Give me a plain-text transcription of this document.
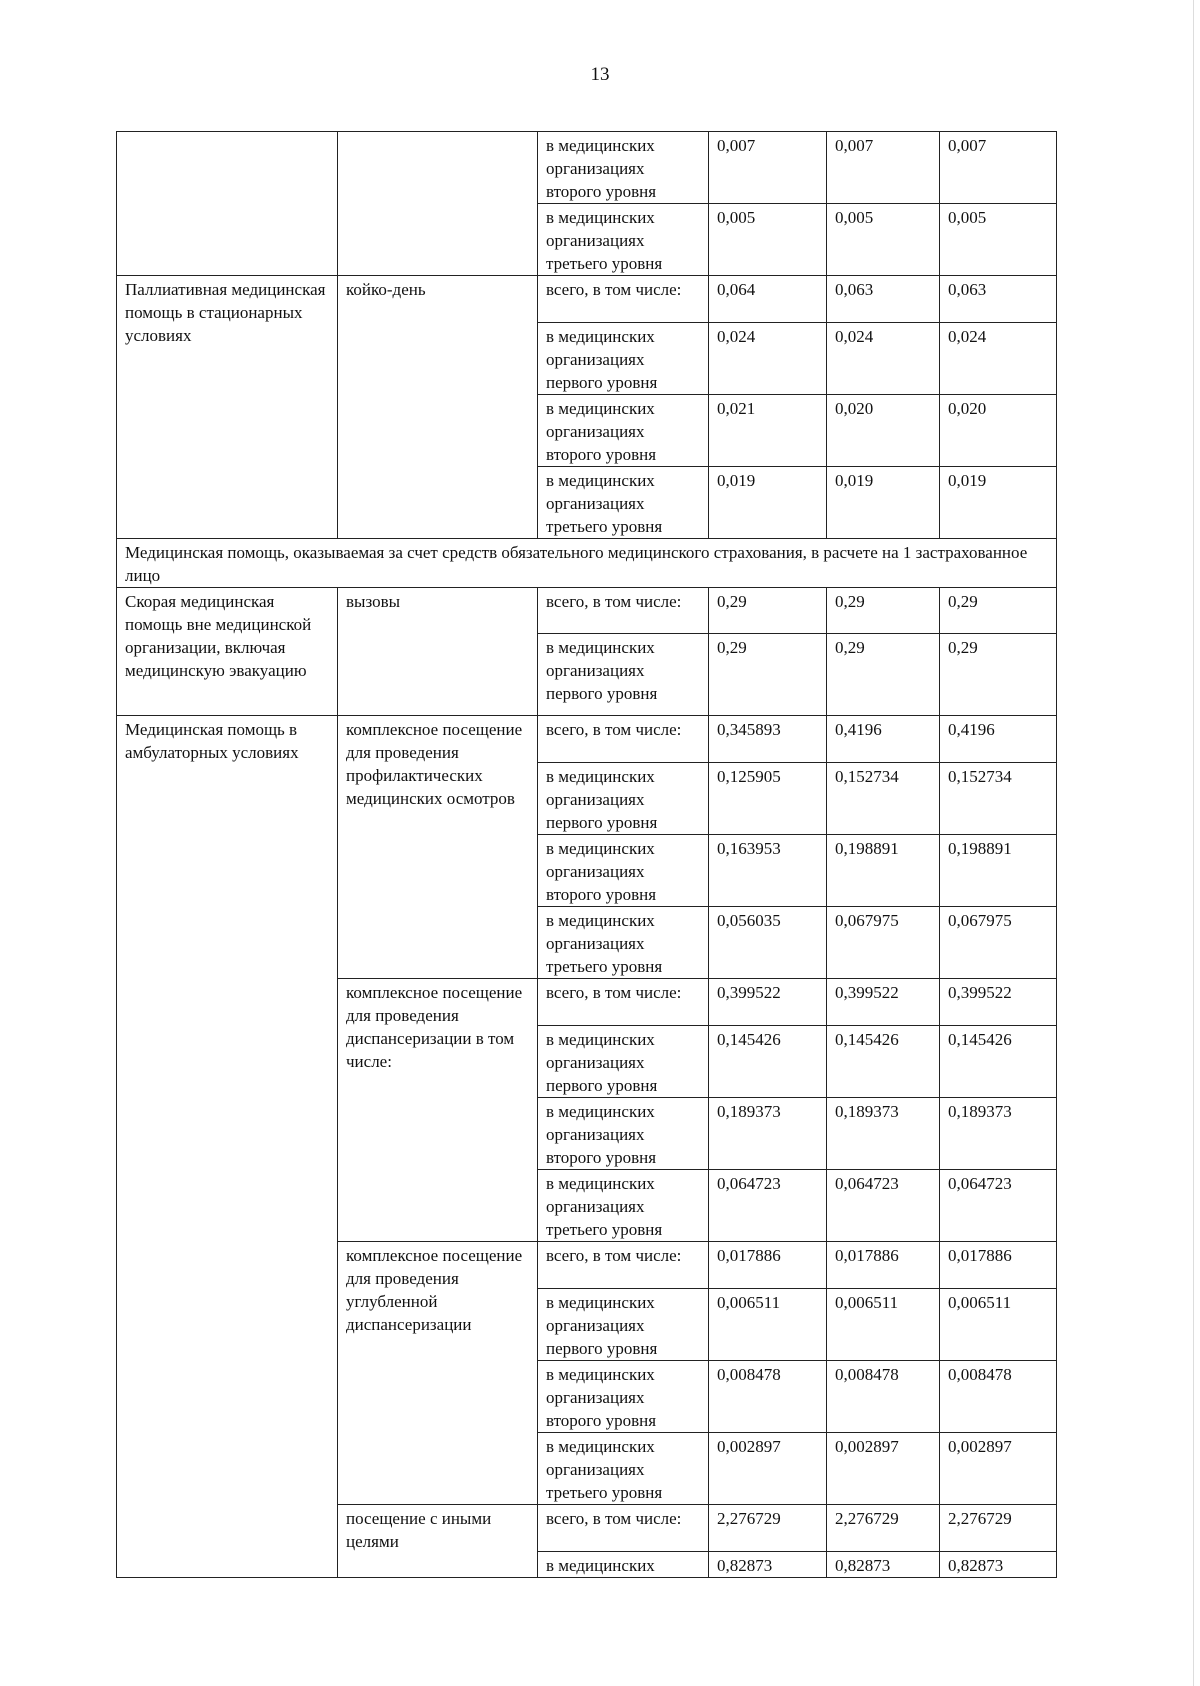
13
		в медицинских организациях второго уровня	0,007	0,007	0,007
		в медицинских организациях третьего уровня	0,005	0,005	0,005
Паллиативная медицинская помощь в стационарных условиях	койко-день	всего, в том числе:	0,064	0,063	0,063
		в медицинских организациях первого уровня	0,024	0,024	0,024
		в медицинских организациях второго уровня	0,021	0,020	0,020
		в медицинских организациях третьего уровня	0,019	0,019	0,019
Медицинская помощь, оказываемая за счет средств обязательного медицинского страхования, в расчете на 1 застрахованное лицо					
Скорая медицинская помощь вне медицинской организации, включая медицинскую эвакуацию	вызовы	всего, в том числе:	0,29	0,29	0,29
		в медицинских организациях первого уровня	0,29	0,29	0,29
Медицинская помощь в амбулаторных условиях	комплексное посещение для проведения профилактических медицинских осмотров	всего, в том числе:	0,345893	0,4196	0,4196
		в медицинских организациях первого уровня	0,125905	0,152734	0,152734
		в медицинских организациях второго уровня	0,163953	0,198891	0,198891
		в медицинских организациях третьего уровня	0,056035	0,067975	0,067975
	комплексное посещение для проведения диспансеризации в том числе:	всего, в том числе:	0,399522	0,399522	0,399522
		в медицинских организациях первого уровня	0,145426	0,145426	0,145426
		в медицинских организациях второго уровня	0,189373	0,189373	0,189373
		в медицинских организациях третьего уровня	0,064723	0,064723	0,064723
	комплексное посещение для проведения углубленной диспансеризации	всего, в том числе:	0,017886	0,017886	0,017886
		в медицинских организациях первого уровня	0,006511	0,006511	0,006511
		в медицинских организациях второго уровня	0,008478	0,008478	0,008478
		в медицинских организациях третьего уровня	0,002897	0,002897	0,002897
	посещение с иными целями	всего, в том числе:	2,276729	2,276729	2,276729
		в медицинских	0,82873	0,82873	0,82873
